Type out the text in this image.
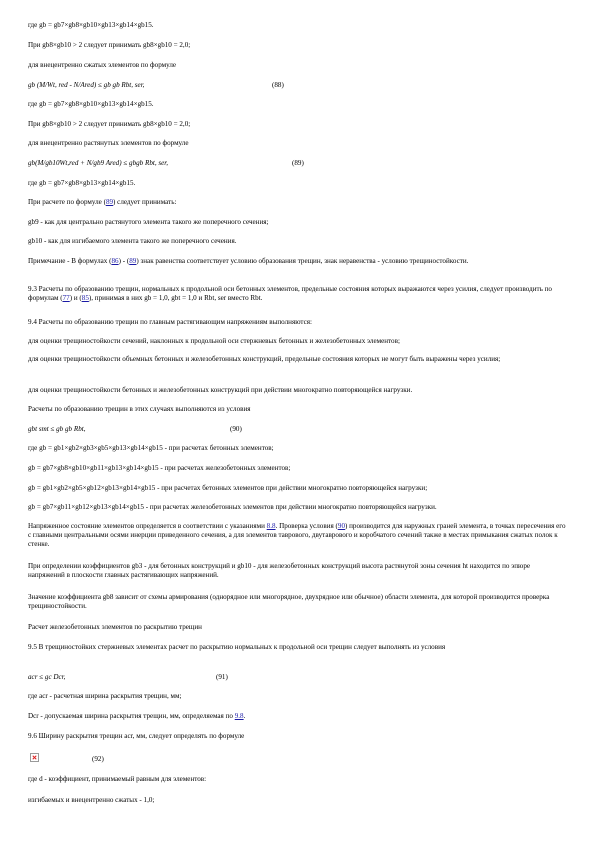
где gb = gb7×gb8×gb10×gb13×gb14×gb15.

При gb8×gb10 > 2 следует принимать gb8×gb10 = 2,0;

для внецентренно сжатых элементов по формуле

gb (M/Wt, red - N/Ared) ≤ gb gb Rbt, ser,	(88)

где gb = gb7×gb8×gb10×gb13×gb14×gb15.

При gb8×gb10 > 2 следует принимать gb8×gb10 = 2,0;

для внецентренно растянутых элементов по формуле

gb(M/gb10Wt,red + N/gb9 Ared) ≤ gbgb Rbt, ser,	(89)

где gb = gb7×gb8×gb13×gb14×gb15.

При расчете по формуле (89) следует принимать:

gb9 - как для центрально растянутого элемента такого же поперечного сечения;

gb10 - как для изгибаемого элемента такого же поперечного сечения.

Примечание - В формулах (86) - (89) знак равенства соответствует условию образования трещин, знак неравенства - условию трещиностойкости.

9.3 Расчеты по образованию трещин, нормальных к продольной оси бетонных элементов, предельные состояния которых выражаются через усилия, следует производить по формулам (77) и (85), принимая в них gb = 1,0, gbt = 1,0 и Rbt, ser вместо Rbt.

9.4 Расчеты по образованию трещин по главным растягивающим напряжениям выполняются:

для оценки трещиностойкости сечений, наклонных к продольной оси стержневых бетонных и железобетонных элементов;

для оценки трещиностойкости объемных бетонных и железобетонных конструкций, предельные состояния которых не могут быть выражены через усилия;

для оценки трещиностойкости бетонных и железобетонных конструкций при действии многократно повторяющейся нагрузки.

Расчеты по образованию трещин в этих случаях выполняются из условия

gbt smt ≤ gb gb Rbt,	(90)

где gb = gb1×gb2×gb3×gb5×gb13×gb14×gb15 - при расчетах бетонных элементов;

gb = gb7×gb8×gb10×gb11×gb13×gb14×gb15 - при расчетах железобетонных элементов;

gb = gb1×gb2×gb5×gb12×gb13×gb14×gb15 - при расчетах бетонных элементов при действии многократно повторяющейся нагрузки;

gb = gb7×gb11×gb12×gb13×gb14×gb15 - при расчетах железобетонных элементов при действии многократно повторяющейся нагрузки.

Напряженное состояние элементов определяется в соответствии с указаниями 8.8. Проверка условия (90) производится для наружных граней элемента, в точках пересечения его с главными центральными осями инерции приведенного сечения, а для элементов таврового, двутаврового и коробчатого сечений также в местах примыкания сжатых полок к стенке.

При определении коэффициентов gb3 - для бетонных конструкций и gb10 - для железобетонных конструкций высота растянутой зоны сечения ht находится по эпюре напряжений в плоскости главных растягивающих напряжений.

Значение коэффициента gb8 зависит от схемы армирования (однорядное или многорядное, двухрядное или обычное) области элемента, для которой производится проверка трещиностойкости.

Расчет железобетонных элементов по раскрытию трещин

9.5 В трещиностойких стержневых элементах расчет по раскрытию нормальных к продольной оси трещин следует выполнять из условия

acr ≤ gc Dcr,	(91)

где acr - расчетная ширина раскрытия трещин, мм;

Dcr - допускаемая ширина раскрытия трещин, мм, определяемая по 9.8.

9.6 Ширину раскрытия трещин acr, мм, следует определять по формуле

(92)

где d - коэффициент, принимаемый равным для элементов:

изгибаемых и внецентренно сжатых - 1,0;
